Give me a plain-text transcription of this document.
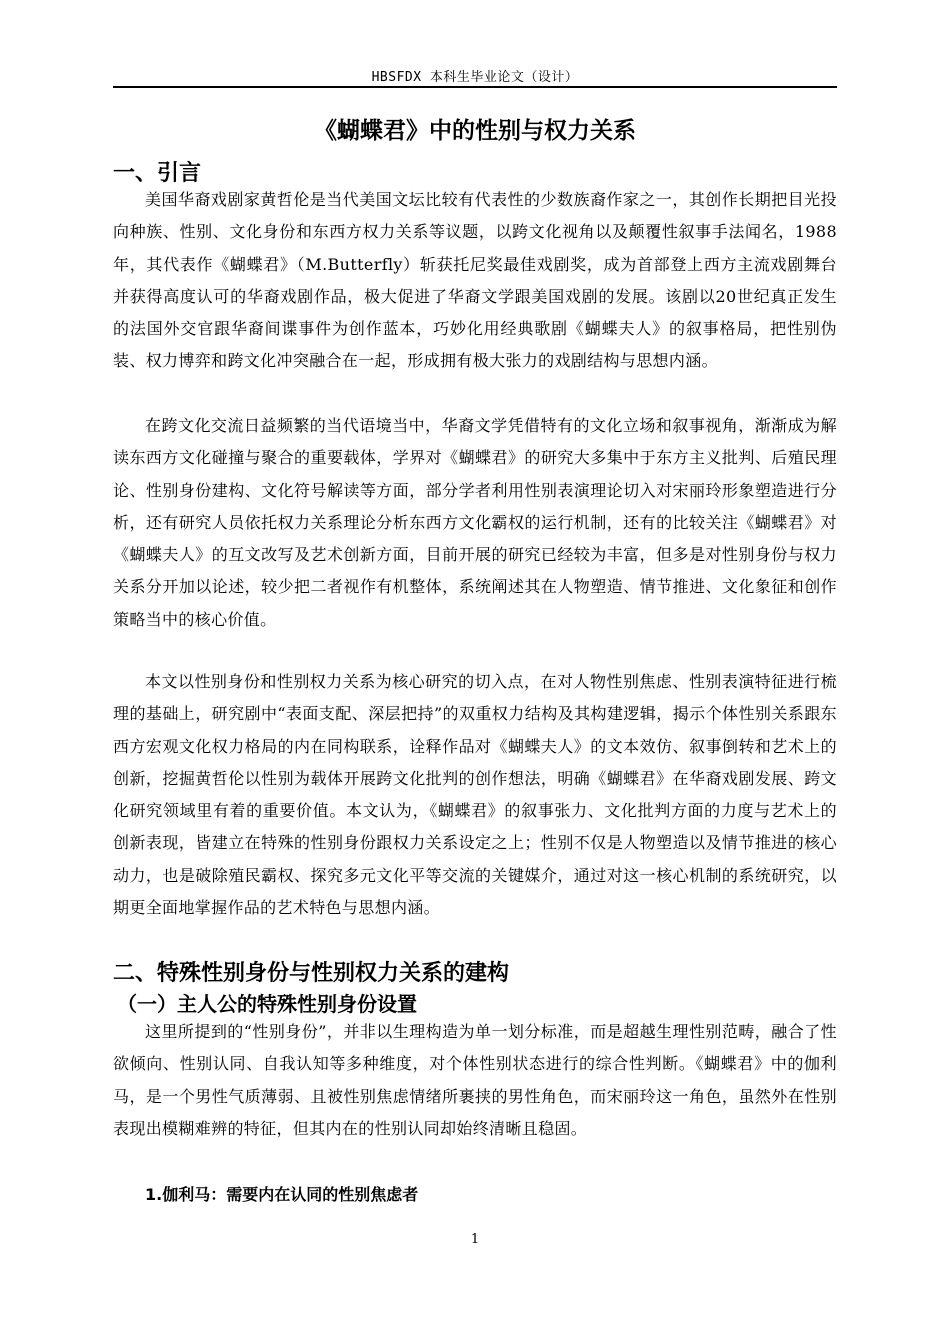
HBSFDX 本科生毕业论文（设计）
《蝴蝶君》中的性别与权力关系
一、引言

美国华裔戏剧家黄哲伦是当代美国文坛比较有代表性的少数族裔作家之一，其创作长期把目光投向种族、性别、文化身份和东西方权力关系等议题，以跨文化视角以及颠覆性叙事手法闻名，1988年，其代表作《蝴蝶君》（M.Butterfly）斩获托尼奖最佳戏剧奖，成为首部登上西方主流戏剧舞台并获得高度认可的华裔戏剧作品，极大促进了华裔文学跟美国戏剧的发展。该剧以20世纪真正发生的法国外交官跟华裔间谍事件为创作蓝本，巧妙化用经典歌剧《蝴蝶夫人》的叙事格局，把性别伪装、权力博弈和跨文化冲突融合在一起，形成拥有极大张力的戏剧结构与思想内涵。

在跨文化交流日益频繁的当代语境当中，华裔文学凭借特有的文化立场和叙事视角，渐渐成为解读东西方文化碰撞与聚合的重要载体，学界对《蝴蝶君》的研究大多集中于东方主义批判、后殖民理论、性别身份建构、文化符号解读等方面，部分学者利用性别表演理论切入对宋丽玲形象塑造进行分析，还有研究人员依托权力关系理论分析东西方文化霸权的运行机制，还有的比较关注《蝴蝶君》对《蝴蝶夫人》的互文改写及艺术创新方面，目前开展的研究已经较为丰富，但多是对性别身份与权力关系分开加以论述，较少把二者视作有机整体，系统阐述其在人物塑造、情节推进、文化象征和创作策略当中的核心价值。

本文以性别身份和性别权力关系为核心研究的切入点，在对人物性别焦虑、性别表演特征进行梳理的基础上，研究剧中“表面支配、深层把持”的双重权力结构及其构建逻辑，揭示个体性别关系跟东西方宏观文化权力格局的内在同构联系，诠释作品对《蝴蝶夫人》的文本效仿、叙事倒转和艺术上的创新，挖掘黄哲伦以性别为载体开展跨文化批判的创作想法，明确《蝴蝶君》在华裔戏剧发展、跨文化研究领域里有着的重要价值。本文认为，《蝴蝶君》的叙事张力、文化批判方面的力度与艺术上的创新表现，皆建立在特殊的性别身份跟权力关系设定之上；性别不仅是人物塑造以及情节推进的核心动力，也是破除殖民霸权、探究多元文化平等交流的关键媒介，通过对这一核心机制的系统研究，以期更全面地掌握作品的艺术特色与思想内涵。

二、特殊性别身份与性别权力关系的建构
（一）主人公的特殊性别身份设置

这里所提到的“性别身份”，并非以生理构造为单一划分标准，而是超越生理性别范畴，融合了性欲倾向、性别认同、自我认知等多种维度，对个体性别状态进行的综合性判断。《蝴蝶君》中的伽利马，是一个男性气质薄弱、且被性别焦虑情绪所裹挟的男性角色，而宋丽玲这一角色，虽然外在性别表现出模糊难辨的特征，但其内在的性别认同却始终清晰且稳固。

1.伽利马：需要内在认同的性别焦虑者
1
